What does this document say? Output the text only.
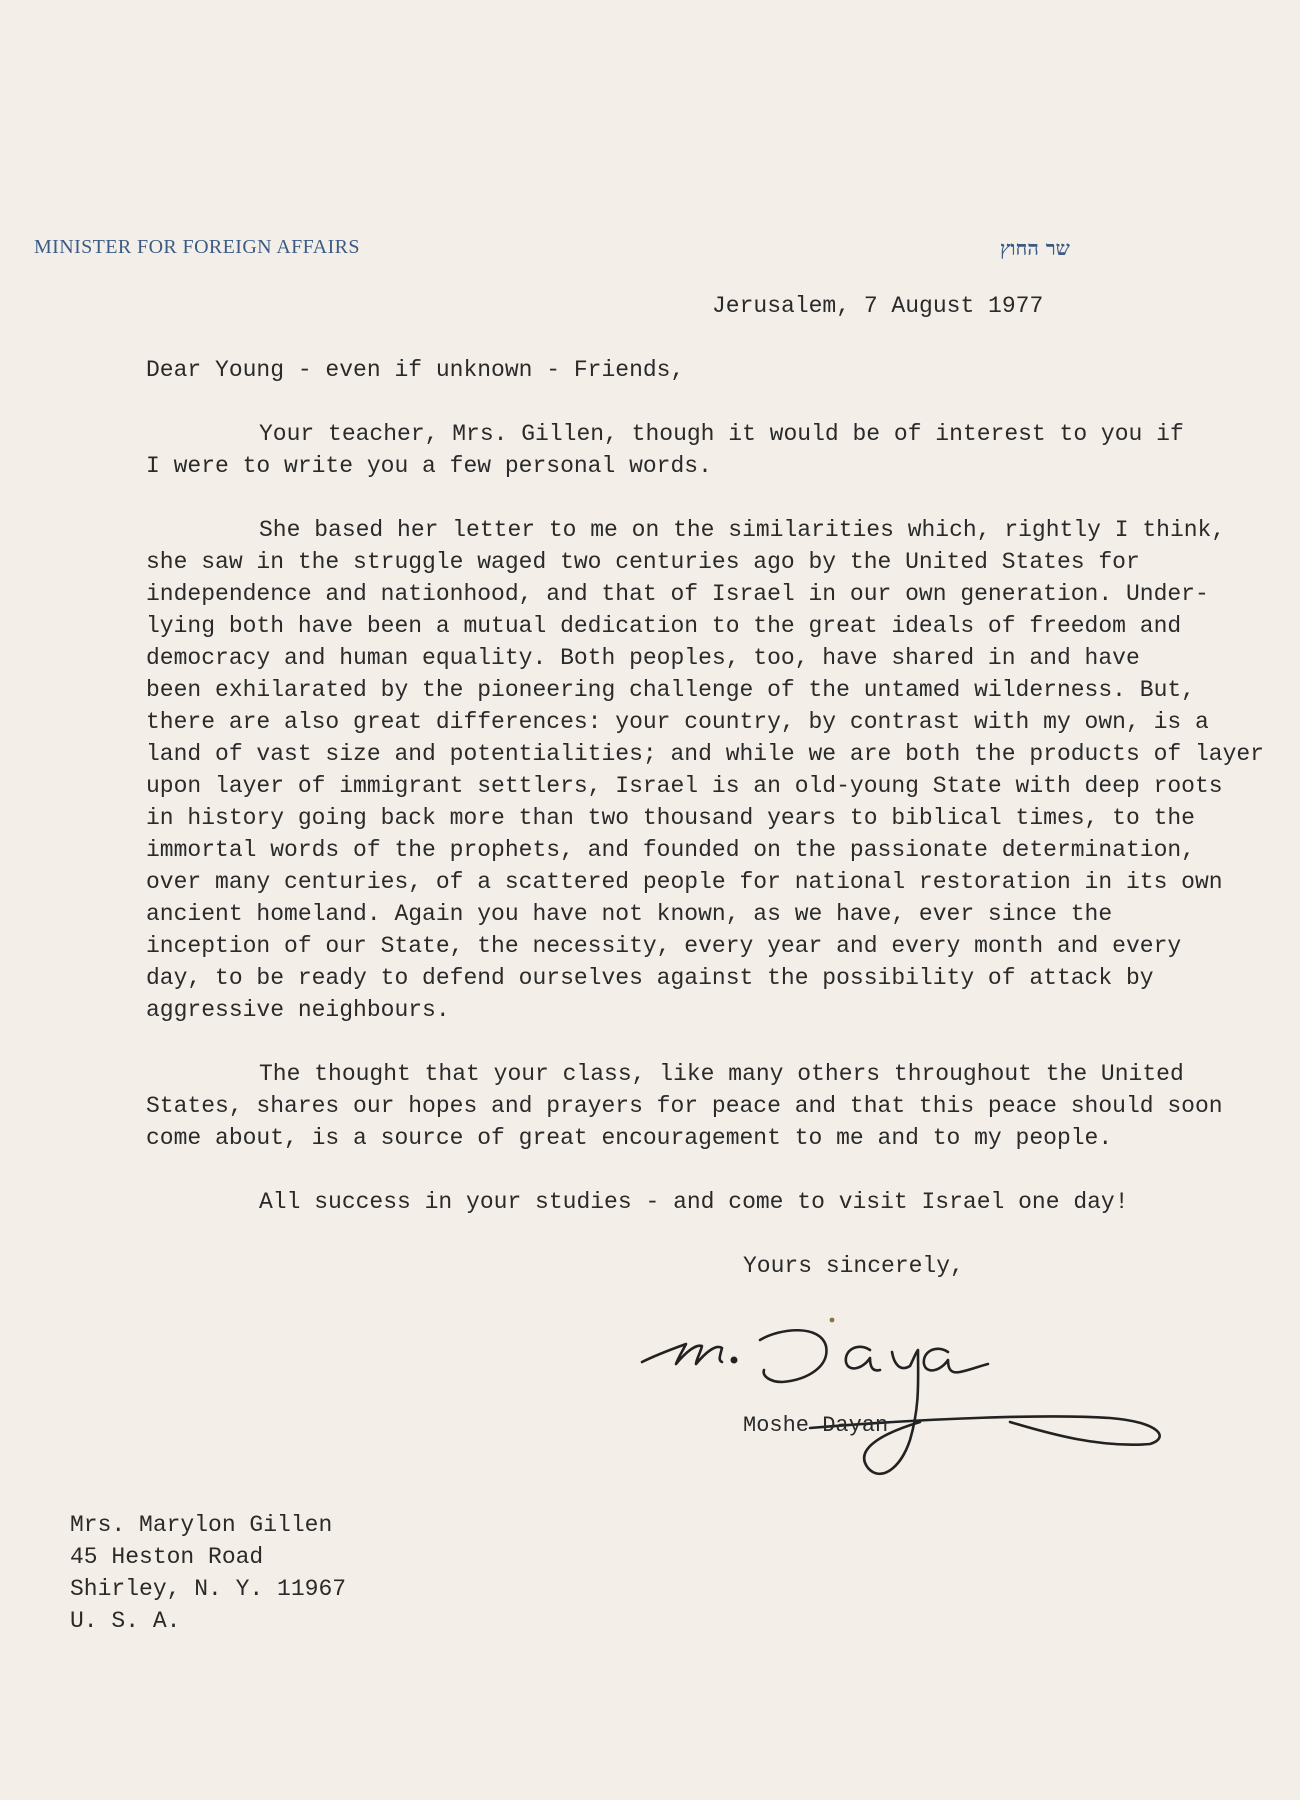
MINISTER FOR FOREIGN AFFAIRS	שר החוץ
Jerusalem, 7 August 1977

Dear Young - even if unknown - Friends,

Your teacher, Mrs. Gillen, though it would be of interest to you if
I were to write you a few personal words.

She based her letter to me on the similarities which, rightly I think,
she saw in the struggle waged two centuries ago by the United States for
independence and nationhood, and that of Israel in our own generation. Under-
lying both have been a mutual dedication to the great ideals of freedom and
democracy and human equality. Both peoples, too, have shared in and have
been exhilarated by the pioneering challenge of the untamed wilderness. But,
there are also great differences: your country, by contrast with my own, is a
land of vast size and potentialities; and while we are both the products of layer
upon layer of immigrant settlers, Israel is an old-young State with deep roots
in history going back more than two thousand years to biblical times, to the
immortal words of the prophets, and founded on the passionate determination,
over many centuries, of a scattered people for national restoration in its own
ancient homeland. Again you have not known, as we have, ever since the
inception of our State, the necessity, every year and every month and every
day, to be ready to defend ourselves against the possibility of attack by
aggressive neighbours.

The thought that your class, like many others throughout the United
States, shares our hopes and prayers for peace and that this peace should soon
come about, is a source of great encouragement to me and to my people.

All success in your studies - and come to visit Israel one day!

Yours sincerely,
Moshe Dayan
Mrs. Marylon Gillen
45 Heston Road
Shirley, N. Y. 11967
U. S. A.
